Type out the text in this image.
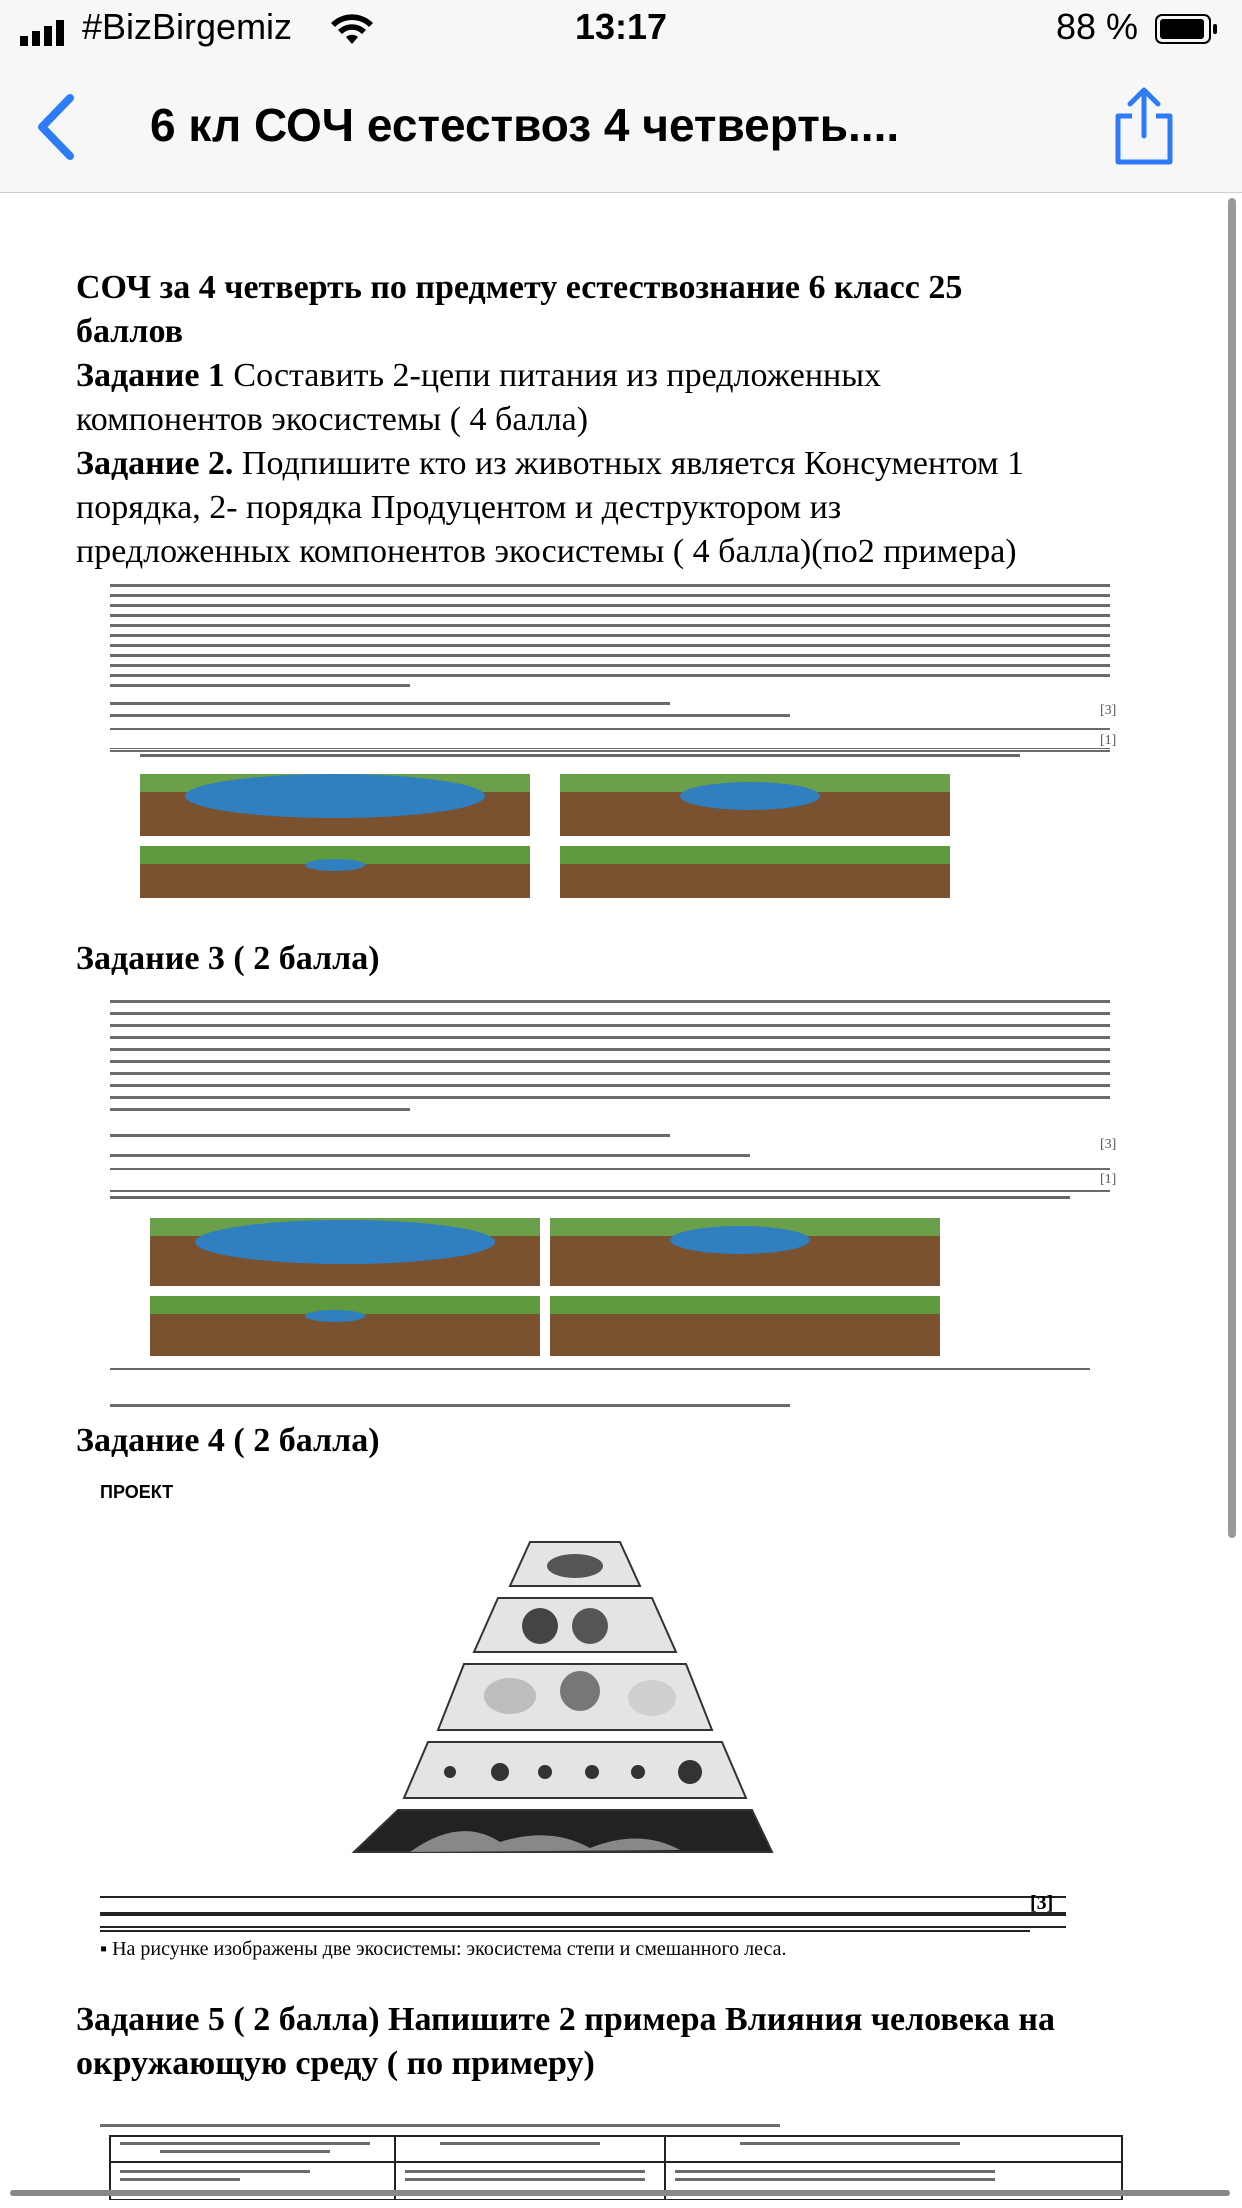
#BizBirgemiz	13:17	88 %
6 кл СОЧ естествоз 4 четверть....

СОЧ за 4 четверть по предмету естествознание 6 класс 25

баллов

Задание 1 Составить 2-цепи питания из предложенных

компонентов экосистемы ( 4 балла)

Задание 2. Подпишите кто из животных является Консументом 1

порядка, 2- порядка Продуцентом и деструктором из

предложенных компонентов экосистемы ( 4 балла)(по2 примера)

[3]
[1]
Задание 3 ( 2 балла)
[3]
[1]
Задание 4 ( 2 балла)
ПРОЕКТ
[3]
▪ На рисунке изображены две экосистемы: экосистема степи и смешанного леса.
Задание 5 ( 2 балла) Напишите 2 примера Влияния человека на
окружающую среду ( по примеру)
